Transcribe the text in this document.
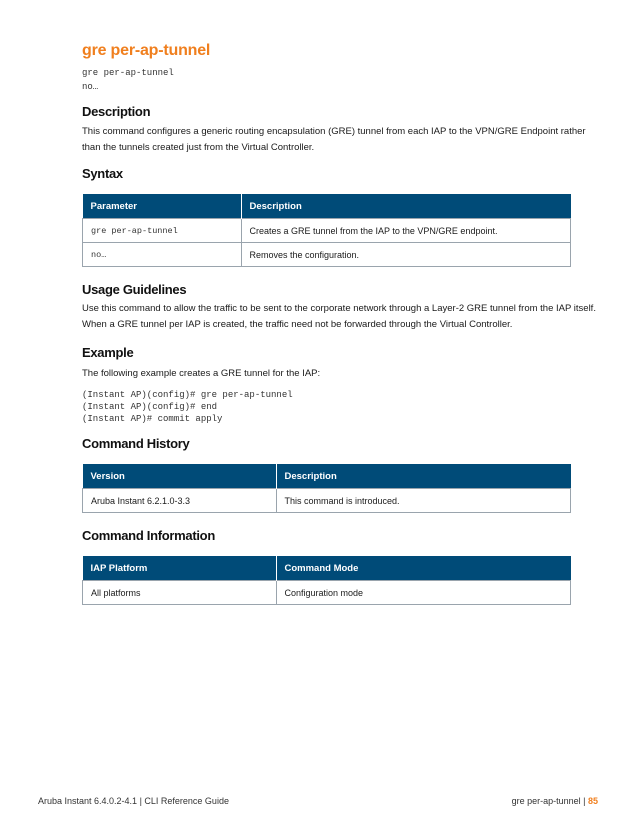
gre per-ap-tunnel
gre per-ap-tunnel
no…
Description

This command configures a generic routing encapsulation (GRE) tunnel from each IAP to the VPN/GRE Endpoint rather than the tunnels created just from the Virtual Controller.

Syntax
Parameter	Description
gre per-ap-tunnel	Creates a GRE tunnel from the IAP to the VPN/GRE endpoint.
no…	Removes the configuration.
Usage Guidelines

Use this command to allow the traffic to be sent to the corporate network through a Layer-2 GRE tunnel from the IAP itself. When a GRE tunnel per IAP is created, the traffic need not be forwarded through the Virtual Controller.

Example

The following example creates a GRE tunnel for the IAP:

(Instant AP)(config)# gre per-ap-tunnel
(Instant AP)(config)# end
(Instant AP)# commit apply
Command History
Version	Description
Aruba Instant 6.2.1.0-3.3	This command is introduced.
Command Information
IAP Platform	Command Mode
All platforms	Configuration mode
Aruba Instant 6.4.0.2-4.1 | CLI Reference Guide	gre per-ap-tunnel | 85
